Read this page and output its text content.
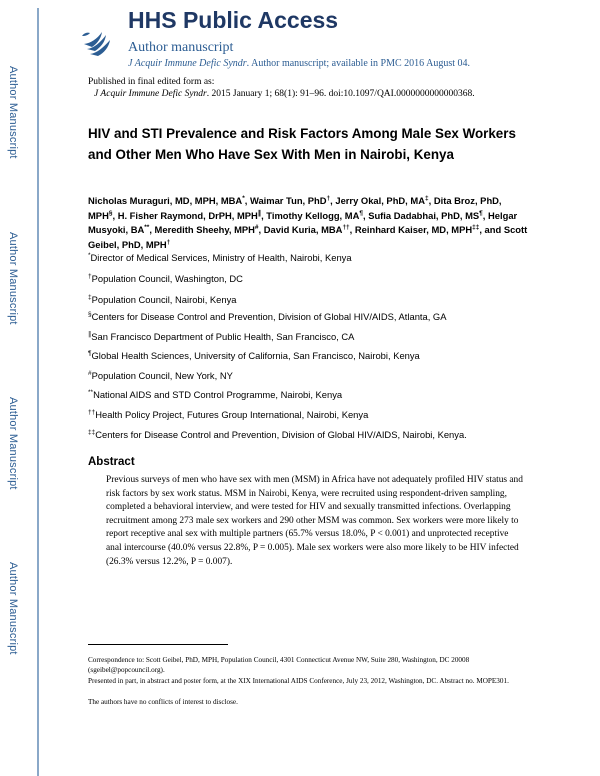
Author Manuscript
Author Manuscript
Author Manuscript
Author Manuscript
HHS Public Access
Author manuscript
J Acquir Immune Defic Syndr. Author manuscript; available in PMC 2016 August 04.
Published in final edited form as:
J Acquir Immune Defic Syndr. 2015 January 1; 68(1): 91–96. doi:10.1097/QAI.0000000000000368.
HIV and STI Prevalence and Risk Factors Among Male Sex Workers and Other Men Who Have Sex With Men in Nairobi, Kenya
Nicholas Muraguri, MD, MPH, MBA*, Waimar Tun, PhD†, Jerry Okal, PhD, MA‡, Dita Broz, PhD, MPH§, H. Fisher Raymond, DrPH, MPH∥, Timothy Kellogg, MA¶, Sufia Dadabhai, PhD, MS¶, Helgar Musyoki, BA**, Meredith Sheehy, MPH#, David Kuria, MBA††, Reinhard Kaiser, MD, MPH‡‡, and Scott Geibel, PhD, MPH†
*Director of Medical Services, Ministry of Health, Nairobi, Kenya
†Population Council, Washington, DC
‡Population Council, Nairobi, Kenya
§Centers for Disease Control and Prevention, Division of Global HIV/AIDS, Atlanta, GA
∥San Francisco Department of Public Health, San Francisco, CA
¶Global Health Sciences, University of California, San Francisco, Nairobi, Kenya
#Population Council, New York, NY
**National AIDS and STD Control Programme, Nairobi, Kenya
††Health Policy Project, Futures Group International, Nairobi, Kenya
‡‡Centers for Disease Control and Prevention, Division of Global HIV/AIDS, Nairobi, Kenya.
Abstract
Previous surveys of men who have sex with men (MSM) in Africa have not adequately profiled HIV status and risk factors by sex work status. MSM in Nairobi, Kenya, were recruited using respondent-driven sampling, completed a behavioral interview, and were tested for HIV and sexually transmitted infections. Overlapping recruitment among 273 male sex workers and 290 other MSM was common. Sex workers were more likely to report receptive anal sex with multiple partners (65.7% versus 18.0%, P < 0.001) and unprotected receptive anal intercourse (40.0% versus 22.8%, P = 0.005). Male sex workers were also more likely to be HIV infected (26.3% versus 12.2%, P = 0.007).
Correspondence to: Scott Geibel, PhD, MPH, Population Council, 4301 Connecticut Avenue NW, Suite 280, Washington, DC 20008 (sgeibel@popcouncil.org).
Presented in part, in abstract and poster form, at the XIX International AIDS Conference, July 23, 2012, Washington, DC. Abstract no. MOPE301.
The authors have no conflicts of interest to disclose.
